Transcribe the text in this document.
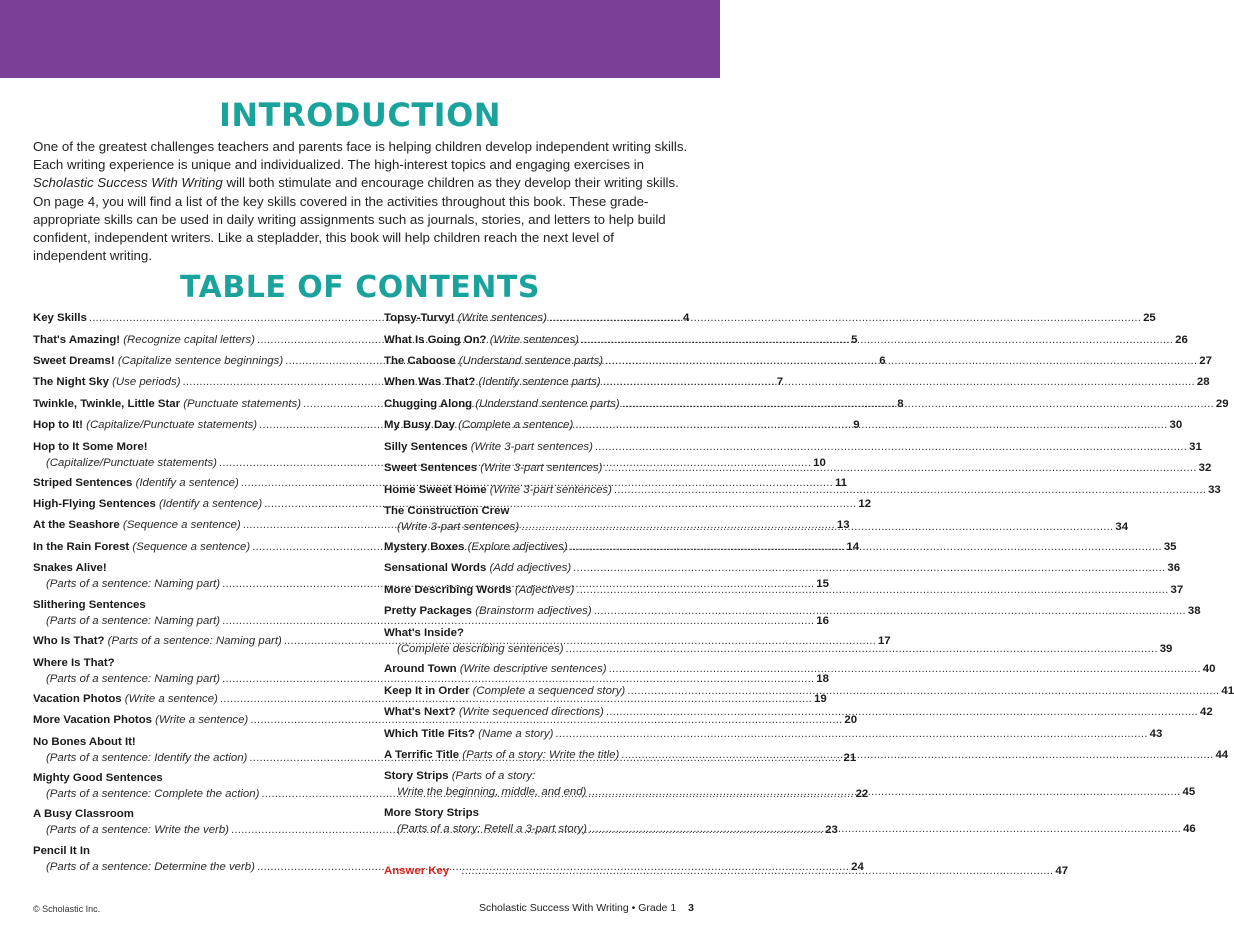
INTRODUCTION

One of the greatest challenges teachers and parents face is helping children develop independent writing skills. Each writing experience is unique and individualized. The high-interest topics and engaging exercises in Scholastic Success With Writing will both stimulate and encourage children as they develop their writing skills. On page 4, you will find a list of the key skills covered in the activities throughout this book. These grade-appropriate skills can be used in daily writing assignments such as journals, stories, and letters to help build confident, independent writers. Like a stepladder, this book will help children reach the next level of independent writing.

TABLE OF CONTENTS
Key Skills .....	4
That's Amazing! (Recognize capital letters) .....	5
Sweet Dreams! (Capitalize sentence beginnings) .....	6
The Night Sky (Use periods) .....	7
Twinkle, Twinkle, Little Star (Punctuate statements) .....	8
Hop to It! (Capitalize/Punctuate statements) .....	9
Hop to It Some More!
(Capitalize/Punctuate statements) .....	10
Striped Sentences (Identify a sentence) .....	11
High-Flying Sentences (Identify a sentence) .....	12
At the Seashore (Sequence a sentence) .....	13
In the Rain Forest (Sequence a sentence) .....	14
Snakes Alive!
(Parts of a sentence: Naming part) .....	15
Slithering Sentences
(Parts of a sentence: Naming part) .....	16
Who Is That? (Parts of a sentence: Naming part) .....	17
Where Is That?
(Parts of a sentence: Naming part) .....	18
Vacation Photos (Write a sentence) .....	19
More Vacation Photos (Write a sentence) .....	20
No Bones About It!
(Parts of a sentence: Identify the action) .....	21
Mighty Good Sentences
(Parts of a sentence: Complete the action) .....	22
A Busy Classroom
(Parts of a sentence: Write the verb) .....	23
Pencil It In
(Parts of a sentence: Determine the verb) .....	24
Topsy-Turvy! (Write sentences) .....	25
What Is Going On? (Write sentences) .....	26
The Caboose (Understand sentence parts) .....	27
When Was That? (Identify sentence parts) .....	28
Chugging Along (Understand sentence parts) .....	29
My Busy Day (Complete a sentence) .....	30
Silly Sentences (Write 3-part sentences) .....	31
Sweet Sentences (Write 3-part sentences) .....	32
Home Sweet Home (Write 3-part sentences) .....	33
The Construction Crew
(Write 3-part sentences) .....	34
Mystery Boxes (Explore adjectives) .....	35
Sensational Words (Add adjectives) .....	36
More Describing Words (Adjectives) .....	37
Pretty Packages (Brainstorm adjectives) .....	38
What's Inside?
(Complete describing sentences) .....	39
Around Town (Write descriptive sentences) .....	40
Keep It in Order (Complete a sequenced story) .....	41
What's Next? (Write sequenced directions) .....	42
Which Title Fits? (Name a story) .....	43
A Terrific Title (Parts of a story: Write the title) .....	44
Story Strips (Parts of a story:
Write the beginning, middle, and end) .....	45
More Story Strips
(Parts of a story: Retell a 3-part story) .....	46
Answer Key .....	47
© Scholastic Inc.	Scholastic Success With Writing • Grade 1 3
